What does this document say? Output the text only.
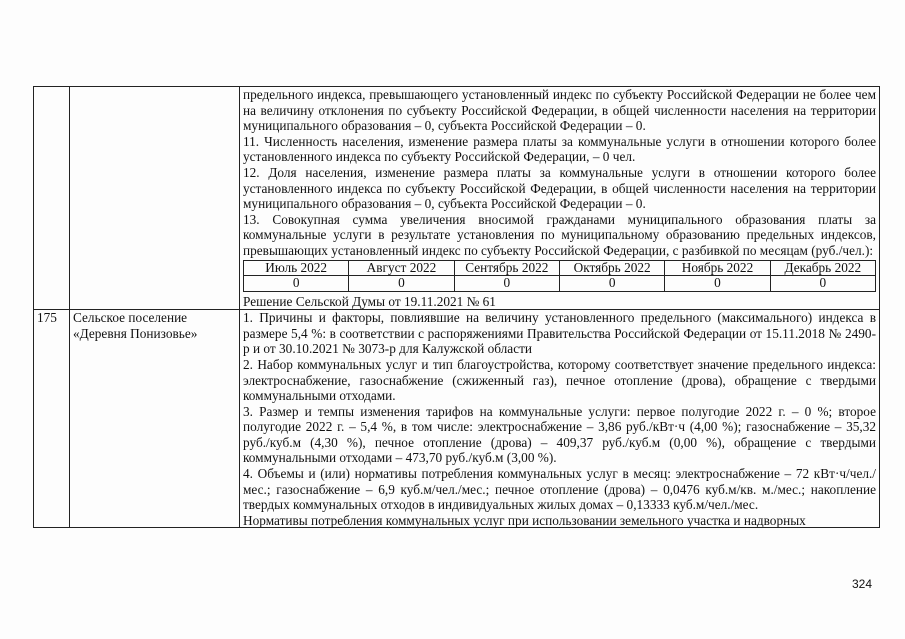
предельного индекса, превышающего установленный индекс по субъекту Российской Федерации не более чем на величину отклонения по субъекту Российской Федерации, в общей численности населения на территории муниципального образования – 0, субъекта Российской Федерации – 0.

11. Численность населения, изменение размера платы за коммунальные услуги в отношении которого более установленного индекса по субъекту Российской Федерации, – 0 чел.

12. Доля населения, изменение размера платы за коммунальные услуги в отношении которого более установленного индекса по субъекту Российской Федерации, в общей численности населения на территории муниципального образования – 0, субъекта Российской Федерации – 0.

13. Совокупная сумма увеличения вносимой гражданами муниципального образования платы за коммунальные услуги в результате установления по муниципальному образованию предельных индексов, превышающих установленный индекс по субъекту Российской Федерации, с разбивкой по месяцам (руб./чел.):

Июль 2022	Август 2022	Сентябрь 2022	Октябрь 2022	Ноябрь 2022	Декабрь 2022
0	0	0	0	0	0

Решение Сельской Думы от 19.11.2021 № 61

175	Сельское поселение «Деревня Понизовье»	

1. Причины и факторы, повлиявшие на величину установленного предельного (максимального) индекса в размере 5,4 %: в соответствии с распоряжениями Правительства Российской Федерации от 15.11.2018 № 2490-р и от 30.10.2021 № 3073-р для Калужской области

2. Набор коммунальных услуг и тип благоустройства, которому соответствует значение предельного индекса: электроснабжение, газоснабжение (сжиженный газ), печное отопление (дрова), обращение с твердыми коммунальными отходами.

3. Размер и темпы изменения тарифов на коммунальные услуги: первое полугодие 2022 г. – 0 %; второе полугодие 2022 г. – 5,4 %, в том числе: электроснабжение – 3,86 руб./кВт·ч (4,00 %); газоснабжение – 35,32 руб./куб.м (4,30 %), печное отопление (дрова) – 409,37 руб./куб.м (0,00 %), обращение с твердыми коммунальными отходами – 473,70 руб./куб.м (3,00 %).

4. Объемы и (или) нормативы потребления коммунальных услуг в месяц: электроснабжение – 72 кВт·ч/чел./мес.; газоснабжение – 6,9 куб.м/чел./мес.; печное отопление (дрова) – 0,0476 куб.м/кв. м./мес.; накопление твердых коммунальных отходов в индивидуальных жилых домах – 0,13333 куб.м/чел./мес.

Нормативы потребления коммунальных услуг при использовании земельного участка и надворных

324
